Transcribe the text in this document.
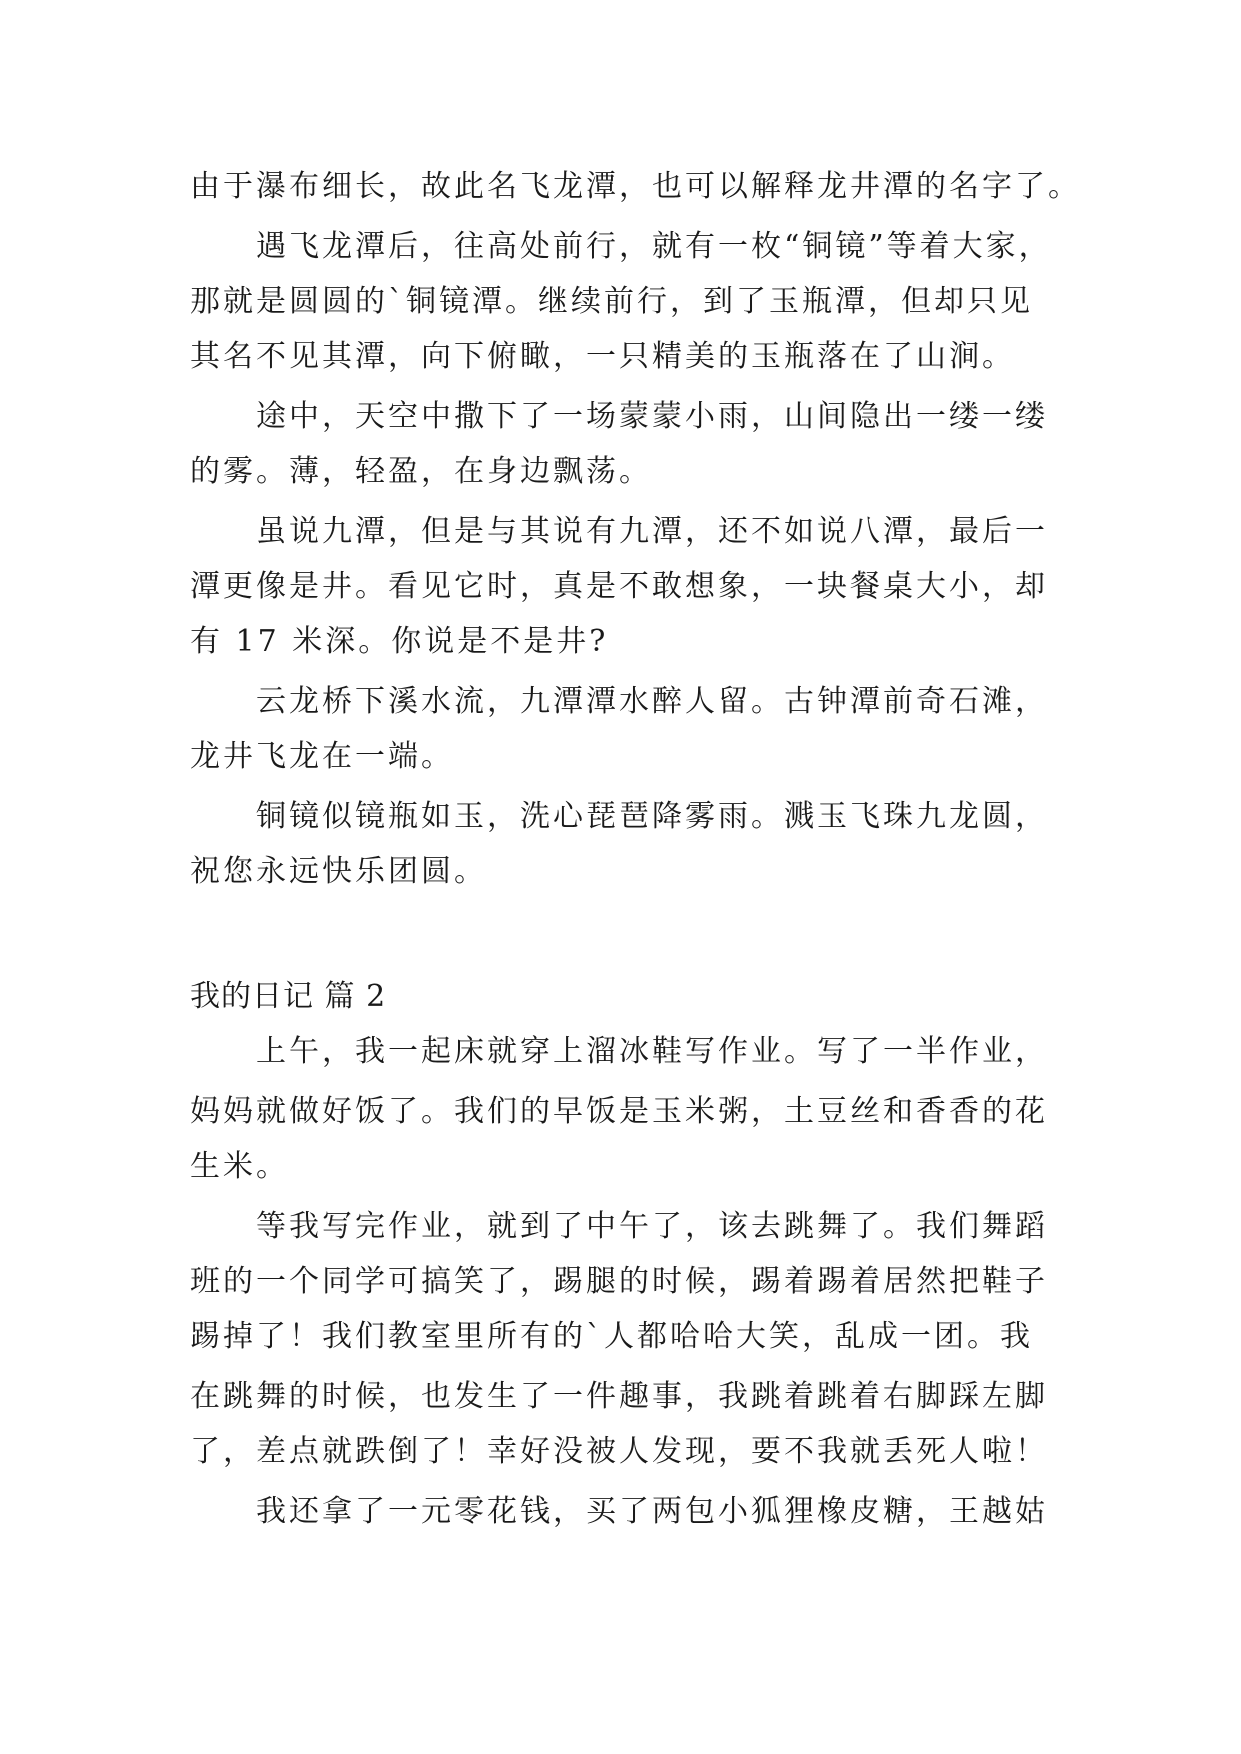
由于瀑布细长，故此名飞龙潭，也可以解释龙井潭的名字了。
遇飞龙潭后，往高处前行，就有一枚“铜镜”等着大家，
那就是圆圆的`铜镜潭。继续前行，到了玉瓶潭，但却只见
其名不见其潭，向下俯瞰，一只精美的玉瓶落在了山涧。
途中，天空中撒下了一场蒙蒙小雨，山间隐出一缕一缕
的雾。薄，轻盈，在身边飘荡。
虽说九潭，但是与其说有九潭，还不如说八潭，最后一
潭更像是井。看见它时，真是不敢想象，一块餐桌大小，却
有 17 米深。你说是不是井?
云龙桥下溪水流，九潭潭水醉人留。古钟潭前奇石滩，
龙井飞龙在一端。
铜镜似镜瓶如玉，洗心琵琶降雾雨。溅玉飞珠九龙圆，
祝您永远快乐团圆。
我的日记 篇 2
上午，我一起床就穿上溜冰鞋写作业。写了一半作业，
妈妈就做好饭了。我们的早饭是玉米粥，土豆丝和香香的花
生米。
等我写完作业，就到了中午了，该去跳舞了。我们舞蹈
班的一个同学可搞笑了，踢腿的时候，踢着踢着居然把鞋子
踢掉了！我们教室里所有的`人都哈哈大笑，乱成一团。我
在跳舞的时候，也发生了一件趣事，我跳着跳着右脚踩左脚
了，差点就跌倒了！幸好没被人发现，要不我就丢死人啦！
我还拿了一元零花钱，买了两包小狐狸橡皮糖，王越姑
